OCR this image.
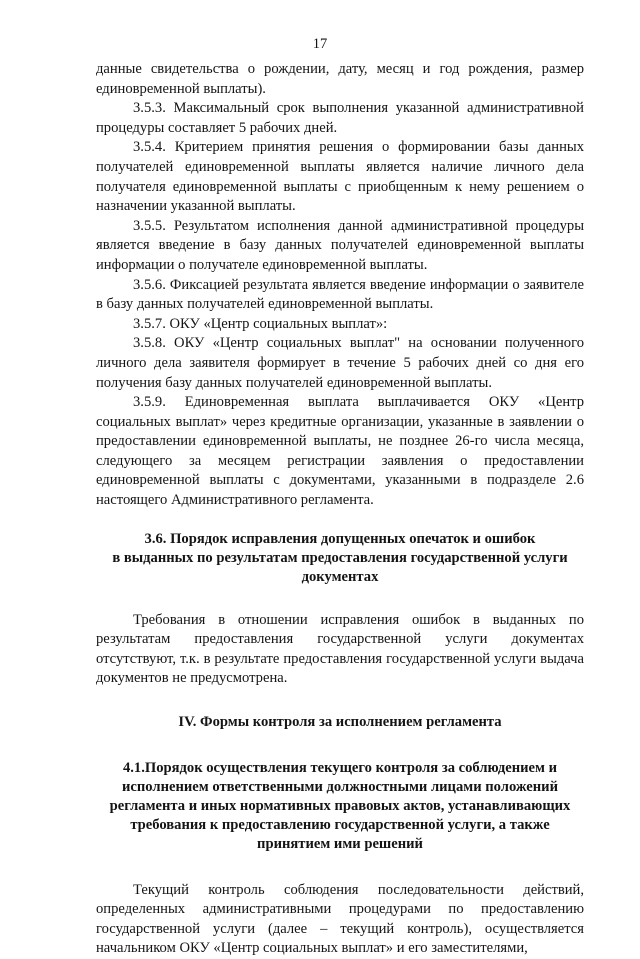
17

данные свидетельства о рождении, дату, месяц и год рождения, размер единовременной выплаты).

3.5.3. Максимальный срок выполнения указанной административной процедуры составляет 5 рабочих дней.

3.5.4. Критерием принятия решения о формировании базы данных получателей единовременной выплаты является наличие личного дела получателя единовременной выплаты с приобщенным к нему решением о назначении указанной выплаты.

3.5.5. Результатом исполнения данной административной процедуры является введение в базу данных получателей единовременной выплаты информации о получателе единовременной выплаты.

3.5.6. Фиксацией результата является введение информации о заявителе в базу данных получателей единовременной выплаты.

3.5.7. ОКУ «Центр социальных выплат»:

3.5.8. ОКУ «Центр социальных выплат" на основании полученного личного дела заявителя формирует в течение 5 рабочих дней со дня его получения базу данных получателей единовременной выплаты.

3.5.9. Единовременная выплата выплачивается ОКУ «Центр социальных выплат» через кредитные организации, указанные в заявлении о предоставлении единовременной выплаты, не позднее 26-го числа месяца, следующего за месяцем регистрации заявления о предоставлении единовременной выплаты с документами, указанными в подразделе 2.6 настоящего Административного регламента.

3.6. Порядок исправления допущенных опечаток и ошибок
в выданных по результатам предоставления государственной услуги
документах

Требования в отношении исправления ошибок в выданных по результатам предоставления государственной услуги документах отсутствуют, т.к. в результате предоставления государственной услуги выдача документов не предусмотрена.

IV. Формы контроля за исполнением регламента
4.1.Порядок осуществления текущего контроля за соблюдением и исполнением ответственными должностными лицами положений регламента и иных нормативных правовых актов, устанавливающих требования к предоставлению государственной услуги, а также принятием ими решений

Текущий контроль соблюдения последовательности действий, определенных административными процедурами по предоставлению государственной услуги (далее – текущий контроль), осуществляется начальником ОКУ «Центр социальных выплат» и его заместителями,
